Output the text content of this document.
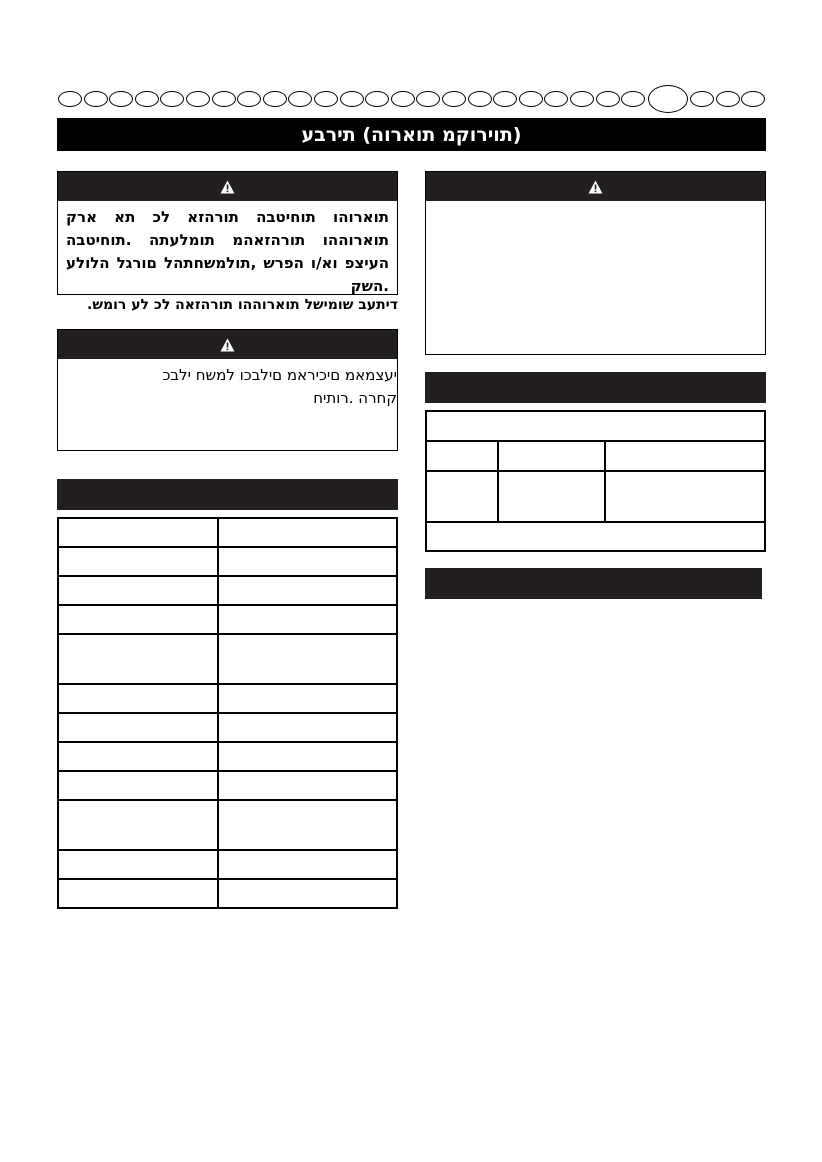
(תוירוקמ תוארוה) תירבע
תוארוהו תוחיטבה תורהזא לכ תא ארק תוארוההו תורהזאהמ תומלעתה .תוחיטבה העיצפ וא/ו הפרש ,תולמשחתהל םורגל הלולע .השק
דיתעב שומישל תוארוההו תורהזאה לכ לע רומש.
יעצמאמ םיכיראמ םילבכו למשח ילבכ קחרה .רותיח
